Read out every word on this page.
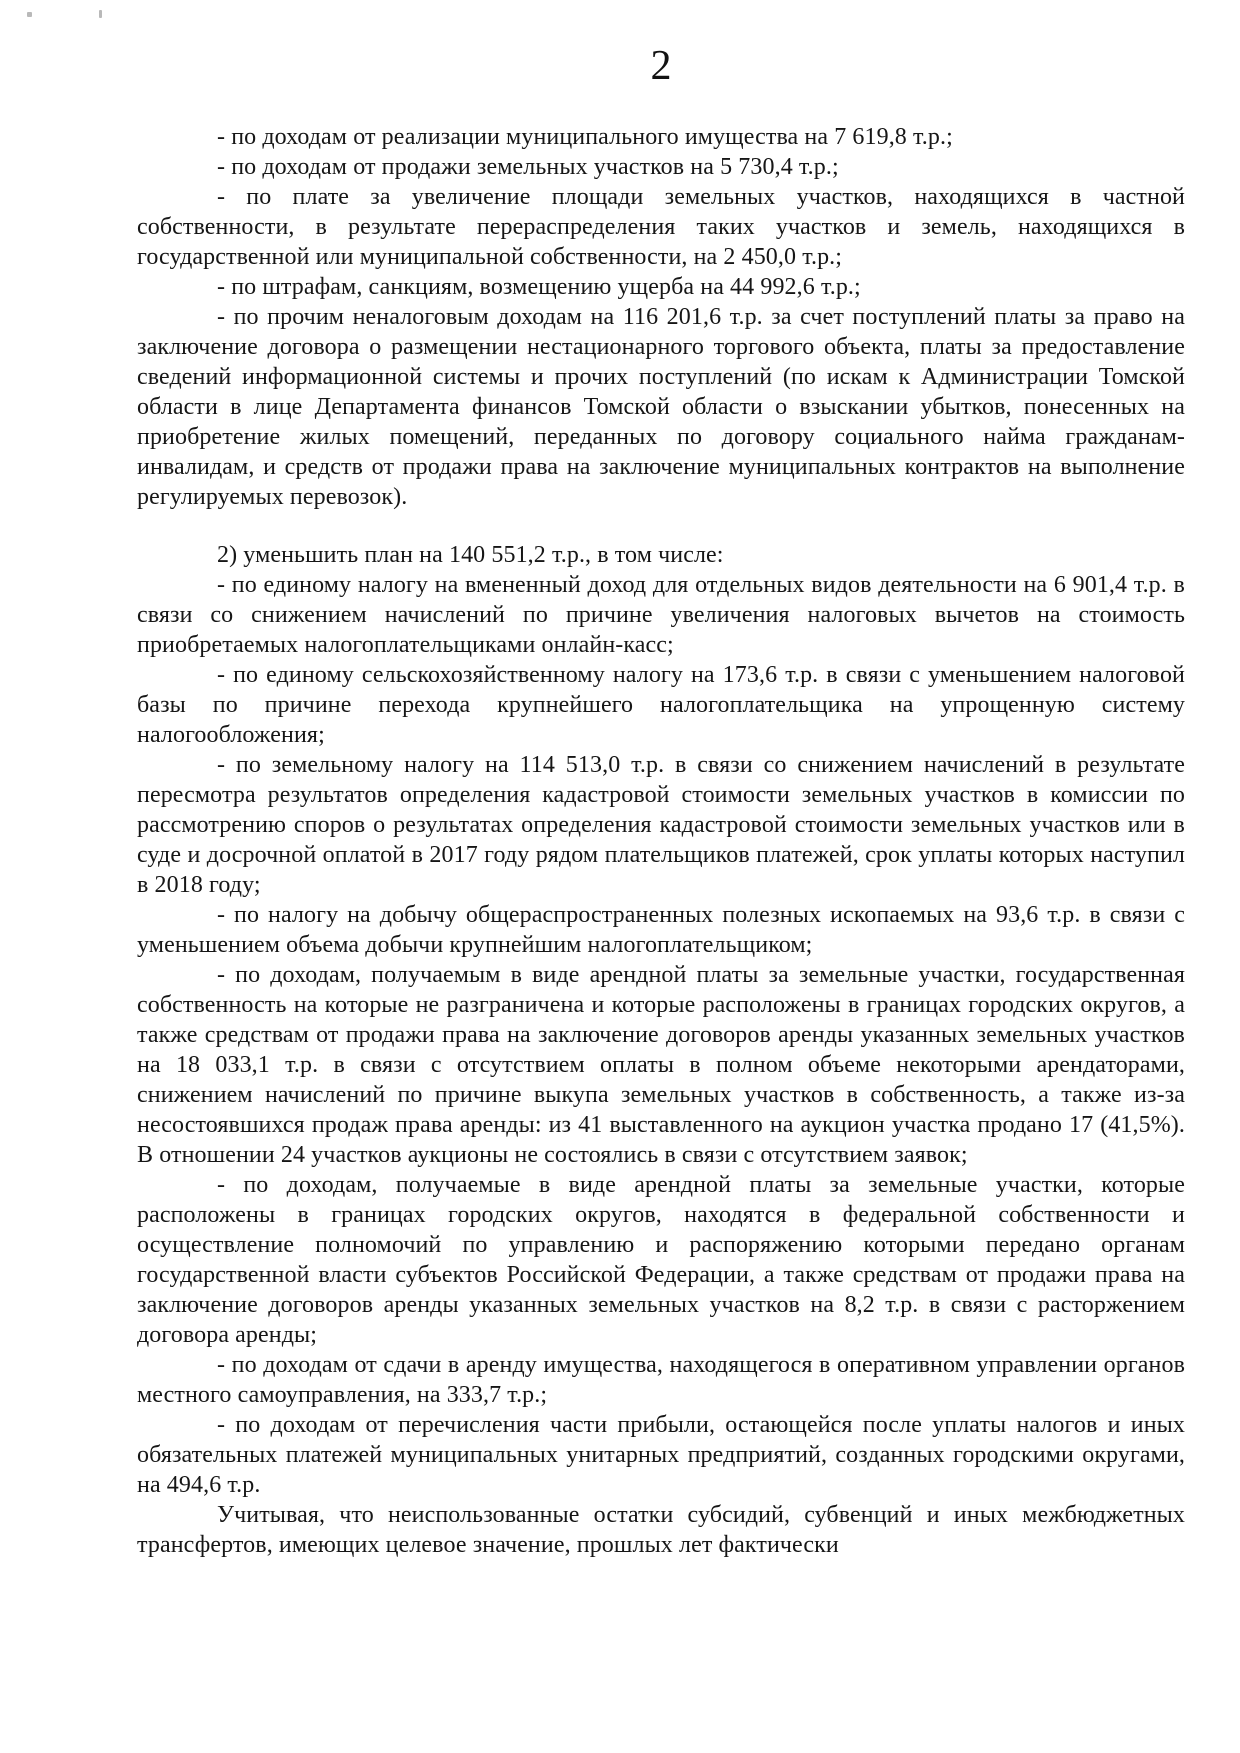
2

- по доходам от реализации муниципального имущества на 7 619,8 т.р.;

- по доходам от продажи земельных участков на 5 730,4 т.р.;

- по плате за увеличение площади земельных участков, находящихся в частной собственности, в результате перераспределения таких участков и земель, находящихся в государственной или муниципальной собственности, на 2 450,0 т.р.;

- по штрафам, санкциям, возмещению ущерба на 44 992,6 т.р.;

- по прочим неналоговым доходам на 116 201,6 т.р. за счет поступлений платы за право на заключение договора о размещении нестационарного торгового объекта, платы за предоставление сведений информационной системы и прочих поступлений (по искам к Администрации Томской области в лице Департамента финансов Томской области о взыскании убытков, понесенных на приобретение жилых помещений, переданных по договору социального найма гражданам-инвалидам, и средств от продажи права на заключение муниципальных контрактов на выполнение регулируемых перевозок).

2) уменьшить план на 140 551,2 т.р., в том числе:

- по единому налогу на вмененный доход для отдельных видов деятельности на 6 901,4 т.р. в связи со снижением начислений по причине увеличения налоговых вычетов на стоимость приобретаемых налогоплательщиками онлайн-касс;

- по единому сельскохозяйственному налогу на 173,6 т.р. в связи с уменьшением налоговой базы по причине перехода крупнейшего налогоплательщика на упрощенную систему налогообложения;

- по земельному налогу на 114 513,0 т.р. в связи со снижением начислений в результате пересмотра результатов определения кадастровой стоимости земельных участков в комиссии по рассмотрению споров о результатах определения кадастровой стоимости земельных участков или в суде и досрочной оплатой в 2017 году рядом плательщиков платежей, срок уплаты которых наступил в 2018 году;

- по налогу на добычу общераспространенных полезных ископаемых на 93,6 т.р. в связи с уменьшением объема добычи крупнейшим налогоплательщиком;

- по доходам, получаемым в виде арендной платы за земельные участки, государственная собственность на которые не разграничена и которые расположены в границах городских округов, а также средствам от продажи права на заключение договоров аренды указанных земельных участков на 18 033,1 т.р. в связи с отсутствием оплаты в полном объеме некоторыми арендаторами, снижением начислений по причине выкупа земельных участков в собственность, а также из-за несостоявшихся продаж права аренды: из 41 выставленного на аукцион участка продано 17 (41,5%). В отношении 24 участков аукционы не состоялись в связи с отсутствием заявок;

- по доходам, получаемые в виде арендной платы за земельные участки, которые расположены в границах городских округов, находятся в федеральной собственности и осуществление полномочий по управлению и распоряжению которыми передано органам государственной власти субъектов Российской Федерации, а также средствам от продажи права на заключение договоров аренды указанных земельных участков на 8,2 т.р. в связи с расторжением договора аренды;

- по доходам от сдачи в аренду имущества, находящегося в оперативном управлении органов местного самоуправления, на 333,7 т.р.;

- по доходам от перечисления части прибыли, остающейся после уплаты налогов и иных обязательных платежей муниципальных унитарных предприятий, созданных городскими округами, на 494,6 т.р.

Учитывая, что неиспользованные остатки субсидий, субвенций и иных межбюджетных трансфертов, имеющих целевое значение, прошлых лет фактически
